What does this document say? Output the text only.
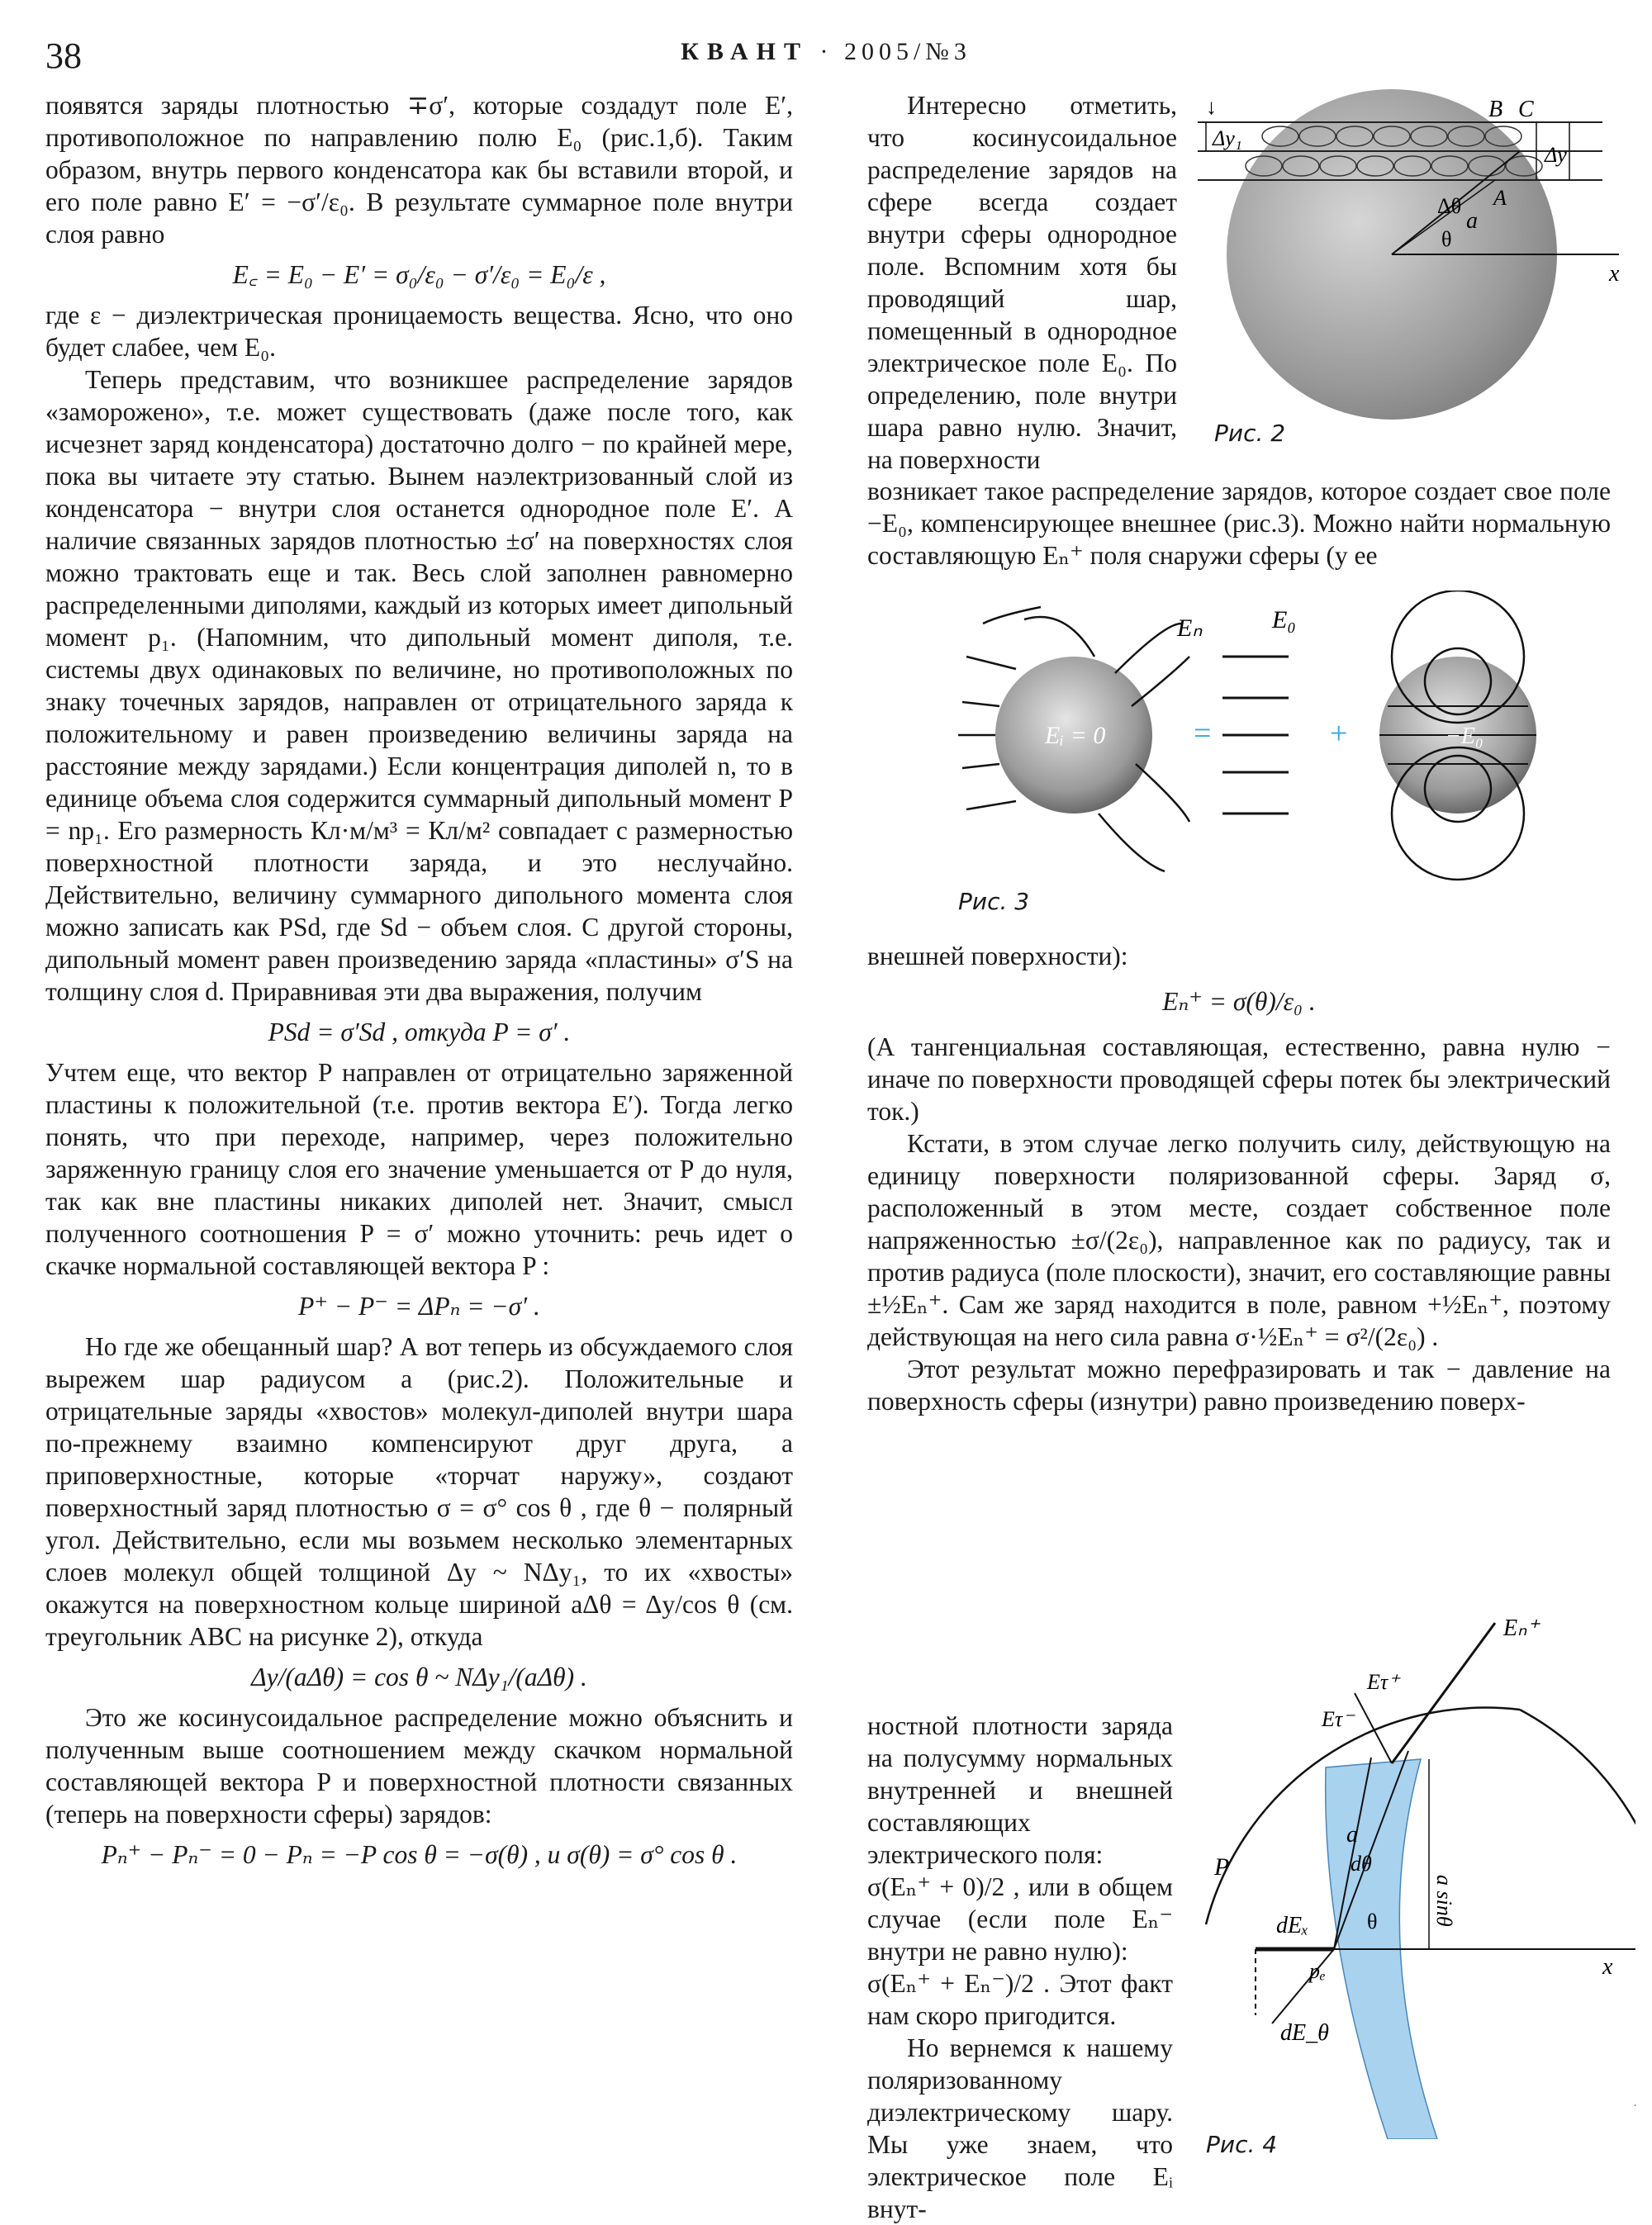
38	КВАНТ · 2005/№3

появятся заряды плотностью ∓σ′, которые создадут поле E′, противоположное по направлению полю E₀ (рис.1,б). Таким образом, внутрь первого конденсатора как бы вставили второй, и его поле равно E′ = −σ′/ε₀. В результате суммарное поле внутри слоя равно

E꜀ = E₀ − E′ = σ₀/ε₀ − σ′/ε₀ = E₀/ε ,

где ε − диэлектрическая проницаемость вещества. Ясно, что оно будет слабее, чем E₀.

Теперь представим, что возникшее распределение зарядов «заморожено», т.е. может существовать (даже после того, как исчезнет заряд конденсатора) достаточно долго − по крайней мере, пока вы читаете эту статью. Вынем наэлектризованный слой из конденсатора − внутри слоя останется однородное поле E′. А наличие связанных зарядов плотностью ±σ′ на поверхностях слоя можно трактовать еще и так. Весь слой заполнен равномерно распределенными диполями, каждый из которых имеет дипольный момент p₁. (Напомним, что дипольный момент диполя, т.е. системы двух одинаковых по величине, но противоположных по знаку точечных зарядов, направлен от отрицательного заряда к положительному и равен произведению величины заряда на расстояние между зарядами.) Если концентрация диполей n, то в единице объема слоя содержится суммарный дипольный момент P = np₁. Его размерность Кл·м/м³ = Кл/м² совпадает с размерностью поверхностной плотности заряда, и это неслучайно. Действительно, величину суммарного дипольного момента слоя можно записать как PSd, где Sd − объем слоя. С другой стороны, дипольный момент равен произведению заряда «пластины» σ′S на толщину слоя d. Приравнивая эти два выражения, получим

PSd = σ′Sd , откуда P = σ′ .

Учтем еще, что вектор P направлен от отрицательно заряженной пластины к положительной (т.е. против вектора E′). Тогда легко понять, что при переходе, например, через положительно заряженную границу слоя его значение уменьшается от P до нуля, так как вне пластины никаких диполей нет. Значит, смысл полученного соотношения P = σ′ можно уточнить: речь идет о скачке нормальной составляющей вектора P :

P⁺ − P⁻ = ΔPₙ = −σ′ .

Но где же обещанный шар? А вот теперь из обсуждаемого слоя вырежем шар радиусом a (рис.2). Положительные и отрицательные заряды «хвостов» молекул-диполей внутри шара по-прежнему взаимно компенсируют друг друга, а приповерхностные, которые «торчат наружу», создают поверхностный заряд плотностью σ = σ° cos θ , где θ − полярный угол. Действительно, если мы возьмем несколько элементарных слоев молекул общей толщиной Δy ~ NΔy₁, то их «хвосты» окажутся на поверхностном кольце шириной aΔθ = Δy/cos θ (см. треугольник ABC на рисунке 2), откуда

Δy/(aΔθ) = cos θ ~ NΔy₁/(aΔθ) .

Это же косинусоидальное распределение можно объяснить и полученным выше соотношением между скачком нормальной составляющей вектора P и поверхностной плотности связанных (теперь на поверхности сферы) зарядов:

Pₙ⁺ − Pₙ⁻ = 0 − Pₙ = −P cos θ = −σ(θ) , и σ(θ) = σ° cos θ .

Интересно отметить, что косинусоидальное распределение зарядов на сфере всегда создает внутри сферы однородное поле. Вспомним хотя бы проводящий шар, помещенный в однородное электрическое поле E₀. По определению, поле внутри шара равно нулю. Значит, на поверхности

возникает такое распределение зарядов, которое создает свое поле −E₀, компенсирующее внешнее (рис.3). Можно найти нормальную составляющую Eₙ⁺ поля снаружи сферы (у ее

внешней поверхности):

Eₙ⁺ = σ(θ)/ε₀ .

(А тангенциальная составляющая, естественно, равна нулю − иначе по поверхности проводящей сферы потек бы электрический ток.)

Кстати, в этом случае легко получить силу, действующую на единицу поверхности поляризованной сферы. Заряд σ, расположенный в этом месте, создает собственное поле напряженностью ±σ/(2ε₀), направленное как по радиусу, так и против радиуса (поле плоскости), значит, его составляющие равны ±½Eₙ⁺. Сам же заряд находится в поле, равном +½Eₙ⁺, поэтому действующая на него сила равна σ·½Eₙ⁺ = σ²/(2ε₀) .

Этот результат можно перефразировать и так − давление на поверхность сферы (изнутри) равно произведению поверх-

ностной плотности заряда на полусумму нормальных внутренней и внешней составляющих электрического поля:

σ(Eₙ⁺ + 0)/2 , или в общем случае (если поле Eₙ⁻ внутри не равно нулю):

σ(Eₙ⁺ + Eₙ⁻)/2 . Этот факт нам скоро пригодится.

Но вернемся к нашему поляризованному диэлектрическому шару. Мы уже знаем, что электрическое поле Eᵢ внут-

↓	B C
Δy₁
Δy
Δθ
a
A
θ
x
Рис. 2
Eᵢ = 0
Eₙ	E₀
=	+	−E₀
Рис. 3
Eₙ⁺
Eτ⁺
Eτ⁻
P
a
dθ
a sinθ
θ
dEₓ
pₑ
dE_θ
x
Рис. 4
